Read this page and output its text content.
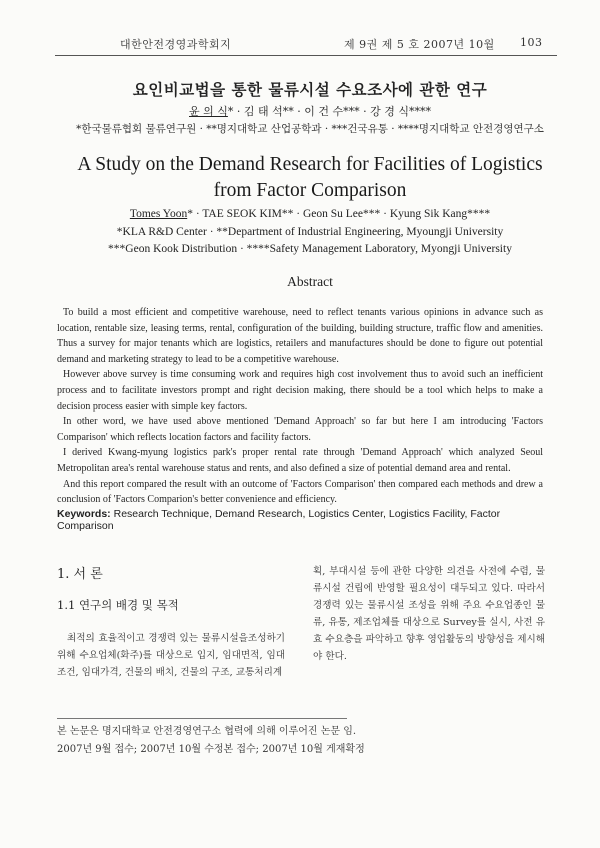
대한안전경영과학회지	제 9권 제 5 호 2007년 10월 103
요인비교법을 통한 물류시설 수요조사에 관한 연구
윤 의 식* · 김 태 석** · 이 건 수*** · 강 경 식****
*한국물류협회 물류연구원 · **명지대학교 산업공학과 · ***건국유통 · ****명지대학교 안전경영연구소
A Study on the Demand Research for Facilities of Logistics
from Factor Comparison
Tomes Yoon* · TAE SEOK KIM** · Geon Su Lee*** · Kyung Sik Kang****
*KLA R&D Center · **Department of Industrial Engineering, Myoungji University
***Geon Kook Distribution · ****Safety Management Laboratory, Myongji University
Abstract

To build a most efficient and competitive warehouse, need to reflect tenants various opinions in advance such as location, rentable size, leasing terms, rental, configuration of the building, building structure, traffic flow and amenities. Thus a survey for major tenants which are logistics, retailers and manufactures should be done to figure out potential demand and marketing strategy to lead to be a competitive warehouse.

However above survey is time consuming work and requires high cost involvement thus to avoid such an inefficient process and to facilitate investors prompt and right decision making, there should be a tool which helps to make a decision process easier with simple key factors.

In other word, we have used above mentioned 'Demand Approach' so far but here I am introducing 'Factors Comparison' which reflects location factors and facility factors.

I derived Kwang-myung logistics park's proper rental rate through 'Demand Approach' which analyzed Seoul Metropolitan area's rental warehouse status and rents, and also defined a size of potential demand area and rental.

And this report compared the result with an outcome of 'Factors Comparison' then compared each methods and drew a conclusion of 'Factors Comparion's better convenience and efficiency.

Keywords: Research Technique, Demand Research, Logistics Center, Logistics Facility, Factor Comparison
1. 서 론
1.1 연구의 배경 및 목적

최적의 효율적이고 경쟁력 있는 물류시설을조성하기 위해 수요업체(화주)를 대상으로 입지, 임대면적, 임대조건, 임대가격, 건물의 배치, 건물의 구조, 교통처리계

획, 부대시설 등에 관한 다양한 의견을 사전에 수렴, 물류시설 건립에 반영할 필요성이 대두되고 있다. 따라서 경쟁력 있는 물류시설 조성을 위해 주요 수요업종인 물류, 유통, 제조업체를 대상으로 Survey를 실시, 사전 유효 수요층을 파악하고 향후 영업활동의 방향성을 제시해야 한다.

본 논문은 명지대학교 안전경영연구소 협력에 의해 이루어진 논문 임.
2007년 9월 접수; 2007년 10월 수정본 접수; 2007년 10월 게재확정
